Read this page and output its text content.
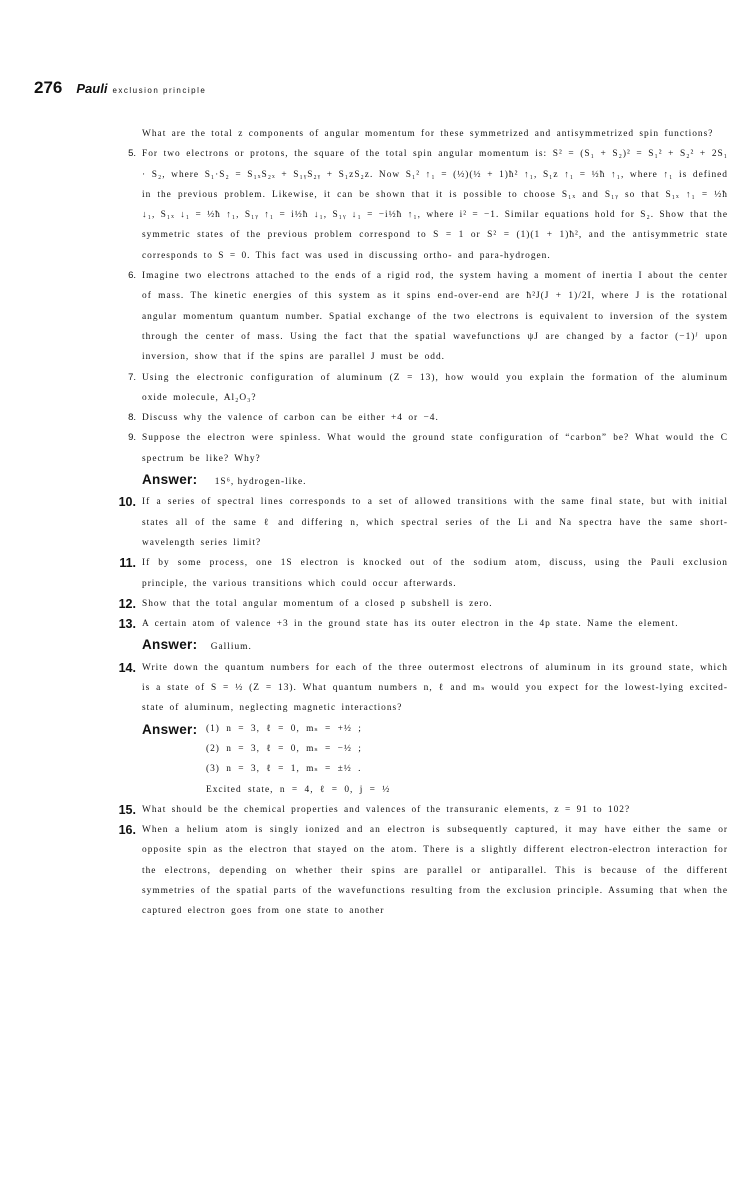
276 Pauli exclusion principle

What are the total z components of angular momentum for these symmetrized and antisymmetrized spin functions?

5. For two electrons or protons, the square of the total spin angular momentum is: S² = (S₁ + S₂)² = S₁² + S₂² + 2S₁ · S₂, where S₁·S₂ = S₁ₓS₂ₓ + S₁ᵧS₂ᵧ + S₁zS₂z. Now S₁² ↑₁ = (½)(½ + 1)ħ² ↑₁, S₁z ↑₁ = ½ħ ↑₁, where ↑₁ is defined in the previous problem. Likewise, it can be shown that it is possible to choose S₁ₓ and S₁ᵧ so that S₁ₓ ↑₁ = ½ħ ↓₁, S₁ₓ ↓₁ = ½ħ ↑₁, S₁ᵧ ↑₁ = i½ħ ↓₁, S₁ᵧ ↓₁ = −i½ħ ↑₁, where i² = −1. Similar equations hold for S₂. Show that the symmetric states of the previous problem correspond to S = 1 or S² = (1)(1 + 1)ħ², and the antisymmetric state corresponds to S = 0. This fact was used in discussing ortho- and para-hydrogen.

6. Imagine two electrons attached to the ends of a rigid rod, the system having a moment of inertia I about the center of mass. The kinetic energies of this system as it spins end-over-end are ħ²J(J + 1)/2I, where J is the rotational angular momentum quantum number. Spatial exchange of the two electrons is equivalent to inversion of the system through the center of mass. Using the fact that the spatial wavefunctions ψJ are changed by a factor (−1)ᴶ upon inversion, show that if the spins are parallel J must be odd.

7. Using the electronic configuration of aluminum (Z = 13), how would you explain the formation of the aluminum oxide molecule, Al₂O₃?

8. Discuss why the valence of carbon can be either +4 or −4.

9. Suppose the electron were spinless. What would the ground state configuration of “carbon” be? What would the C spectrum be like? Why?

Answer: 1S⁶, hydrogen-like.
10. If a series of spectral lines corresponds to a set of allowed transitions with the same final state, but with initial states all of the same ℓ and differing n, which spectral series of the Li and Na spectra have the same short-wavelength series limit?

11. If by some process, one 1S electron is knocked out of the sodium atom, discuss, using the Pauli exclusion principle, the various transitions which could occur afterwards.

12. Show that the total angular momentum of a closed p subshell is zero.

13. A certain atom of valence +3 in the ground state has its outer electron in the 4p state. Name the element.

Answer: Gallium.
14. Write down the quantum numbers for each of the three outermost electrons of aluminum in its ground state, which is a state of S = ½ (Z = 13). What quantum numbers n, ℓ and mₛ would you expect for the lowest-lying excited-state of aluminum, neglecting magnetic interactions?

Answer: (1) n = 3, ℓ = 0, mₛ = +½ ;
(2) n = 3, ℓ = 0, mₛ = −½ ;
(3) n = 3, ℓ = 1, mₛ = ±½ .
Excited state, n = 4, ℓ = 0, j = ½
15. What should be the chemical properties and valences of the transuranic elements, z = 91 to 102?

16. When a helium atom is singly ionized and an electron is subsequently captured, it may have either the same or opposite spin as the electron that stayed on the atom. There is a slightly different electron-electron interaction for the electrons, depending on whether their spins are parallel or antiparallel. This is because of the different symmetries of the spatial parts of the wavefunctions resulting from the exclusion principle. Assuming that when the captured electron goes from one state to another
